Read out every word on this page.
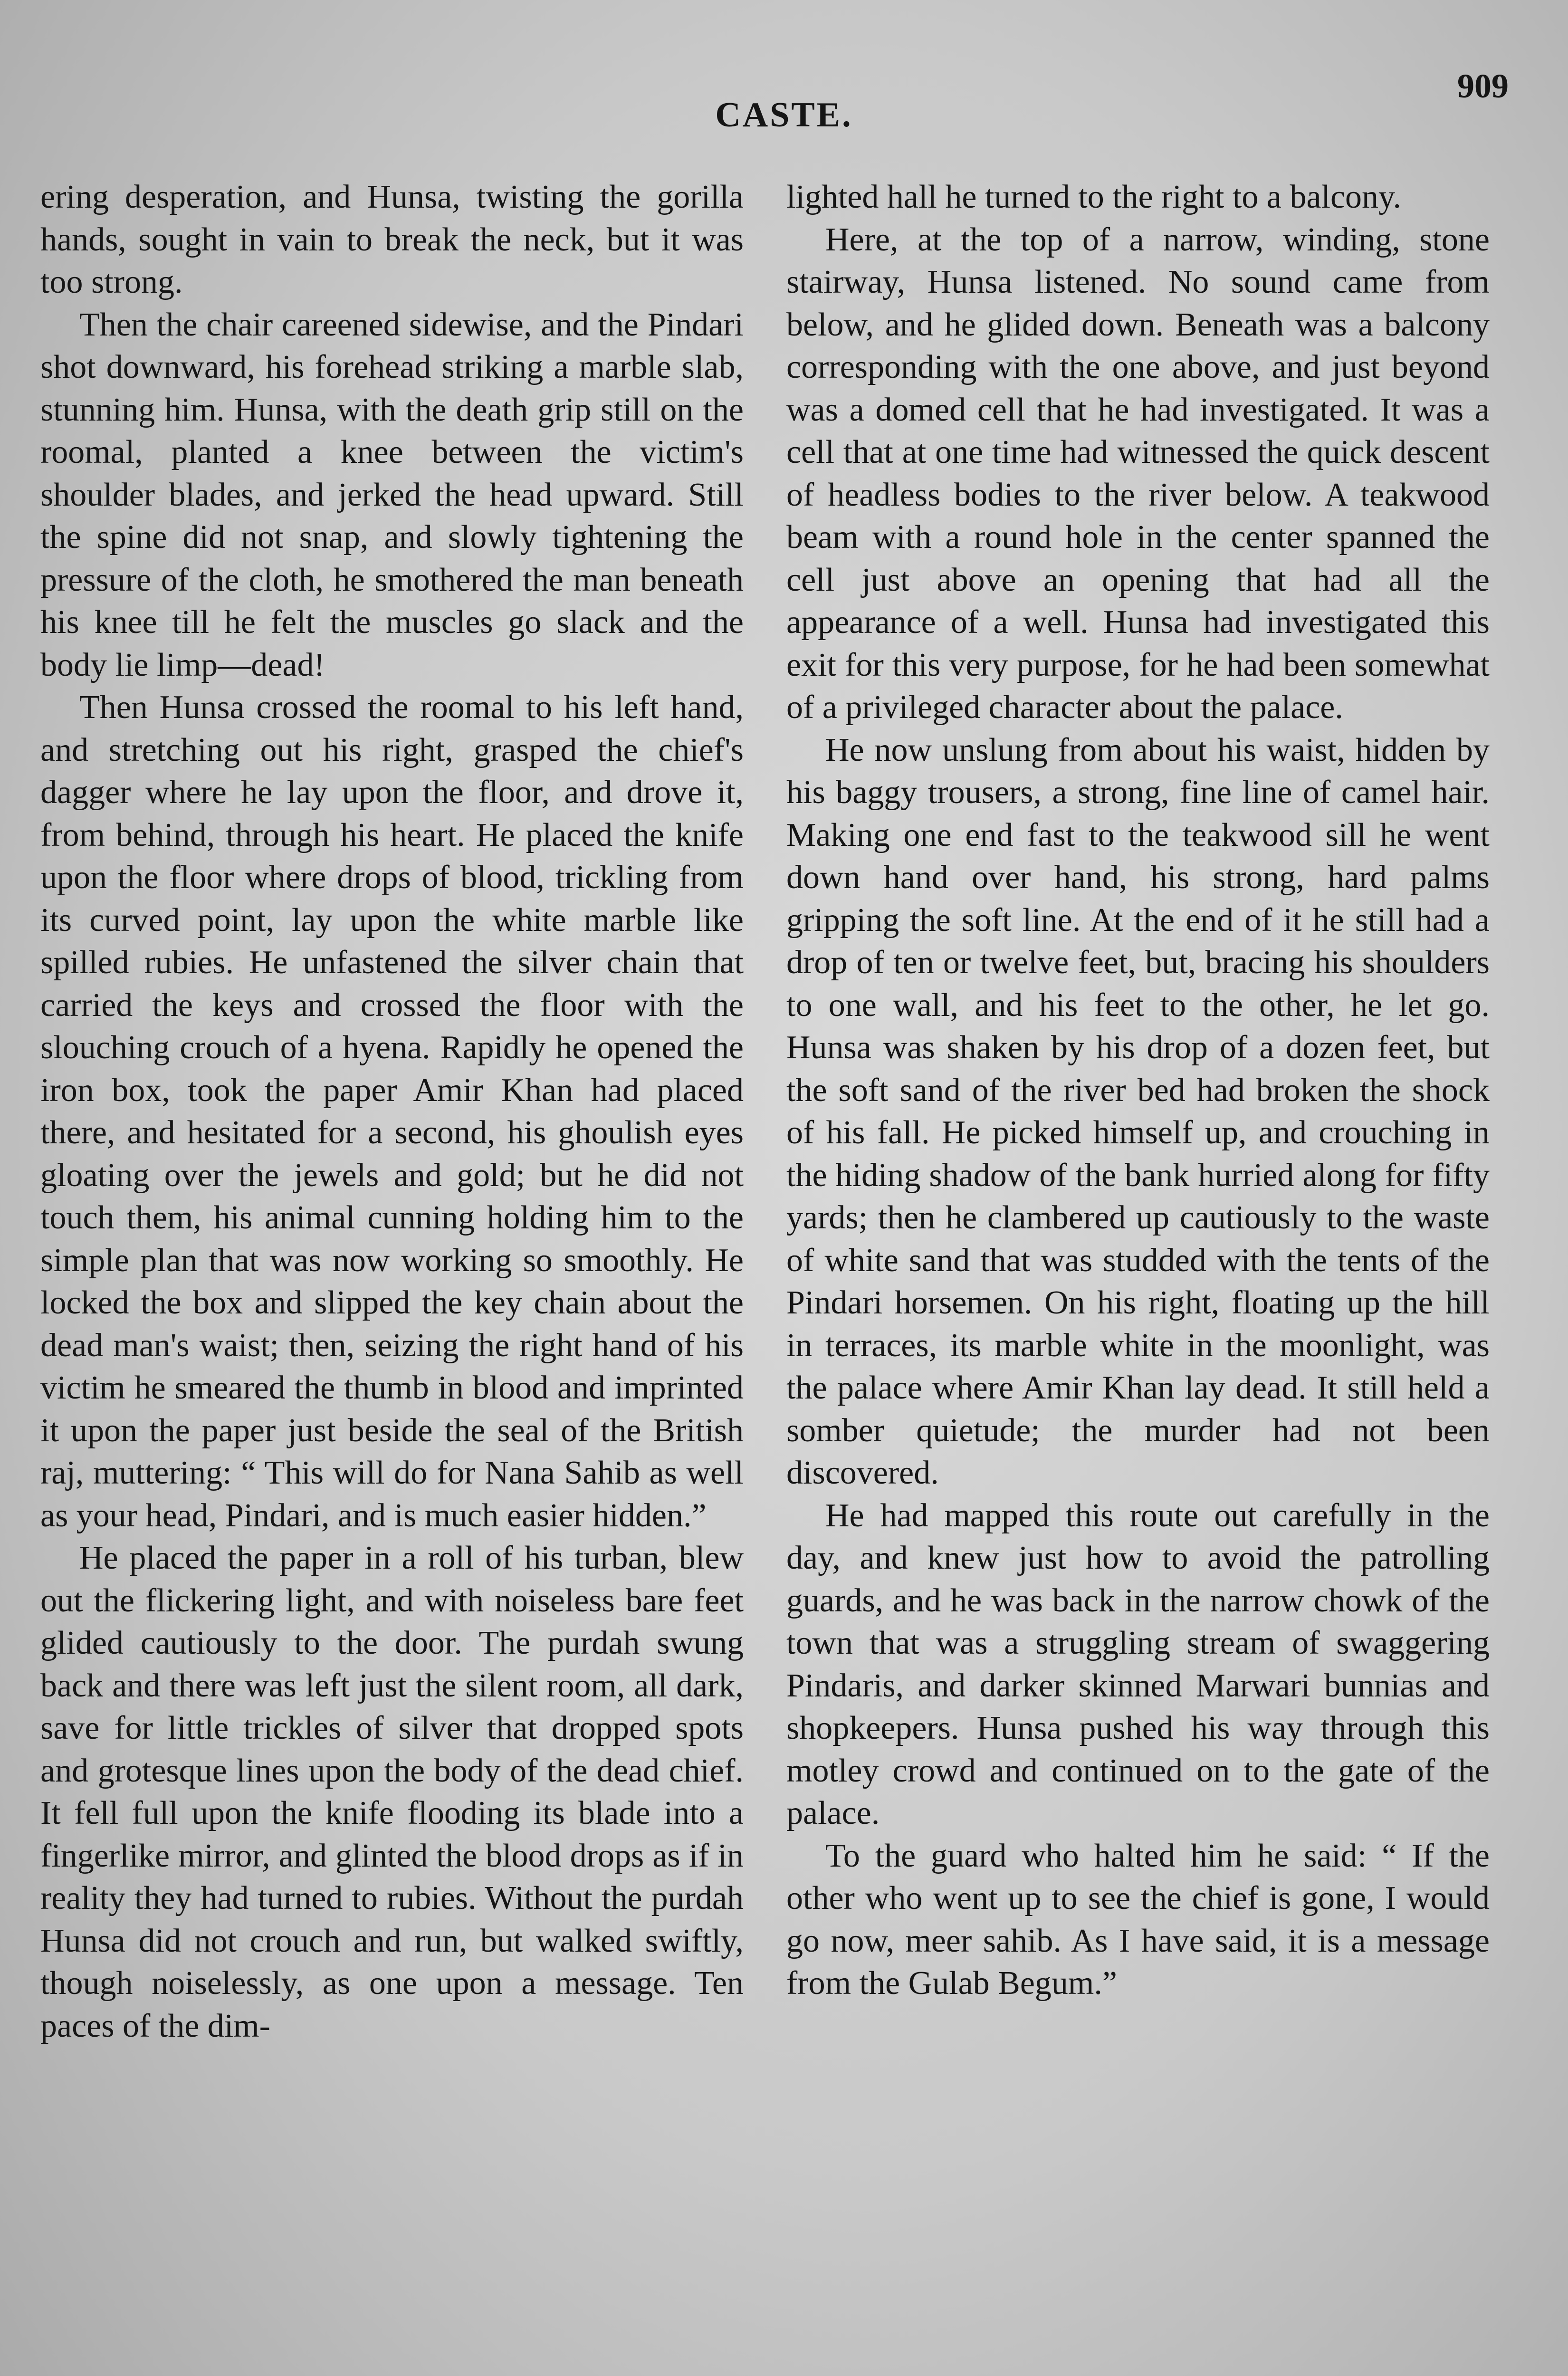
CASTE.
909

ering desperation, and Hunsa, twisting the gorilla hands, sought in vain to break the neck, but it was too strong.

Then the chair careened sidewise, and the Pindari shot downward, his forehead striking a marble slab, stunning him. Hunsa, with the death grip still on the roomal, planted a knee between the victim's shoulder blades, and jerked the head upward. Still the spine did not snap, and slowly tightening the pressure of the cloth, he smothered the man beneath his knee till he felt the muscles go slack and the body lie limp—dead!

Then Hunsa crossed the roomal to his left hand, and stretching out his right, grasped the chief's dagger where he lay upon the floor, and drove it, from behind, through his heart. He placed the knife upon the floor where drops of blood, trickling from its curved point, lay upon the white marble like spilled rubies. He unfastened the silver chain that carried the keys and crossed the floor with the slouching crouch of a hyena. Rapidly he opened the iron box, took the paper Amir Khan had placed there, and hesitated for a second, his ghoulish eyes gloating over the jewels and gold; but he did not touch them, his animal cunning holding him to the simple plan that was now working so smoothly. He locked the box and slipped the key chain about the dead man's waist; then, seizing the right hand of his victim he smeared the thumb in blood and imprinted it upon the paper just beside the seal of the British raj, muttering: “ This will do for Nana Sahib as well as your head, Pindari, and is much easier hidden.”

He placed the paper in a roll of his turban, blew out the flickering light, and with noiseless bare feet glided cautiously to the door. The purdah swung back and there was left just the silent room, all dark, save for little trickles of silver that dropped spots and grotesque lines upon the body of the dead chief. It fell full upon the knife flooding its blade into a fingerlike mirror, and glinted the blood drops as if in reality they had turned to rubies. Without the purdah Hunsa did not crouch and run, but walked swiftly, though noiselessly, as one upon a message. Ten paces of the dim-

lighted hall he turned to the right to a balcony.

Here, at the top of a narrow, winding, stone stairway, Hunsa listened. No sound came from below, and he glided down. Beneath was a balcony corresponding with the one above, and just beyond was a domed cell that he had investigated. It was a cell that at one time had witnessed the quick descent of headless bodies to the river below. A teakwood beam with a round hole in the center spanned the cell just above an opening that had all the appearance of a well. Hunsa had investigated this exit for this very purpose, for he had been somewhat of a privileged character about the palace.

He now unslung from about his waist, hidden by his baggy trousers, a strong, fine line of camel hair. Making one end fast to the teakwood sill he went down hand over hand, his strong, hard palms gripping the soft line. At the end of it he still had a drop of ten or twelve feet, but, bracing his shoulders to one wall, and his feet to the other, he let go. Hunsa was shaken by his drop of a dozen feet, but the soft sand of the river bed had broken the shock of his fall. He picked himself up, and crouching in the hiding shadow of the bank hurried along for fifty yards; then he clambered up cautiously to the waste of white sand that was studded with the tents of the Pindari horsemen. On his right, floating up the hill in terraces, its marble white in the moonlight, was the palace where Amir Khan lay dead. It still held a somber quietude; the murder had not been discovered.

He had mapped this route out carefully in the day, and knew just how to avoid the patrolling guards, and he was back in the narrow chowk of the town that was a struggling stream of swaggering Pindaris, and darker skinned Marwari bunnias and shopkeepers. Hunsa pushed his way through this motley crowd and continued on to the gate of the palace.

To the guard who halted him he said: “ If the other who went up to see the chief is gone, I would go now, meer sahib. As I have said, it is a message from the Gulab Begum.”
